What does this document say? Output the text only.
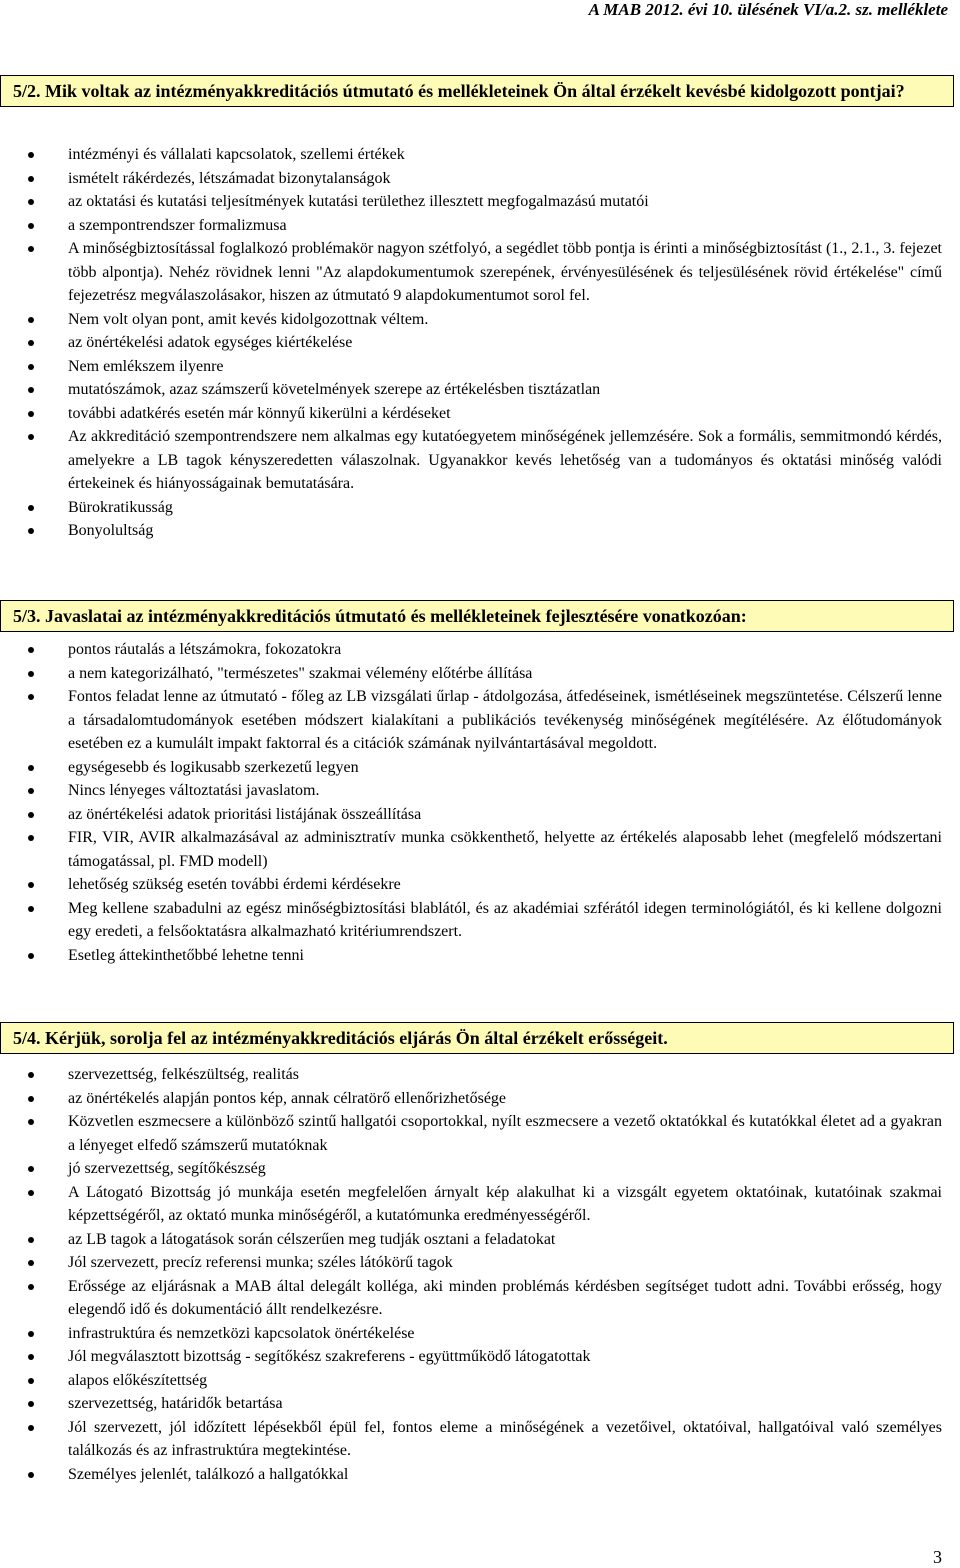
A MAB 2012. évi 10. ülésének VI/a.2. sz. melléklete
5/2. Mik voltak az intézményakkreditációs útmutató és mellékleteinek Ön által érzékelt kevésbé kidolgozott pontjai?
intézményi és vállalati kapcsolatok, szellemi értékek
ismételt rákérdezés, létszámadat bizonytalanságok
az oktatási és kutatási teljesítmények kutatási területhez illesztett megfogalmazású mutatói
a szempontrendszer formalizmusa
A minőségbiztosítással foglalkozó problémakör nagyon szétfolyó, a segédlet több pontja is érinti a minőségbiztosítást (1., 2.1., 3. fejezet több alpontja). Nehéz rövidnek lenni "Az alapdokumentumok szerepének, érvényesülésének és teljesülésének rövid értékelése" című fejezetrész megválaszolásakor, hiszen az útmutató 9 alapdokumentumot sorol fel.
Nem volt olyan pont, amit kevés kidolgozottnak véltem.
az önértékelési adatok egységes kiértékelése
Nem emlékszem ilyenre
mutatószámok, azaz számszerű követelmények szerepe az értékelésben tisztázatlan
további adatkérés esetén már könnyű kikerülni a kérdéseket
Az akkreditáció szempontrendszere nem alkalmas egy kutatóegyetem minőségének jellemzésére. Sok a formális, semmitmondó kérdés, amelyekre a LB tagok kényszeredetten válaszolnak. Ugyanakkor kevés lehetőség van a tudományos és oktatási minőség valódi értekeinek és hiányosságainak bemutatására.
Bürokratikusság
Bonyolultság
5/3. Javaslatai az intézményakkreditációs útmutató és mellékleteinek fejlesztésére vonatkozóan:
pontos ráutalás a létszámokra, fokozatokra
a nem kategorizálható, "természetes" szakmai vélemény előtérbe állítása
Fontos feladat lenne az útmutató - főleg az LB vizsgálati űrlap - átdolgozása, átfedéseinek, ismétléseinek megszüntetése. Célszerű lenne a társadalomtudományok esetében módszert kialakítani a publikációs tevékenység minőségének megítélésére. Az élőtudományok esetében ez a kumulált impakt faktorral és a citációk számának nyilvántartásával megoldott.
egységesebb és logikusabb szerkezetű legyen
Nincs lényeges változtatási javaslatom.
az önértékelési adatok prioritási listájának összeállítása
FIR, VIR, AVIR alkalmazásával az adminisztratív munka csökkenthető, helyette az értékelés alaposabb lehet (megfelelő módszertani támogatással, pl. FMD modell)
lehetőség szükség esetén további érdemi kérdésekre
Meg kellene szabadulni az egész minőségbiztosítási blablától, és az akadémiai szférától idegen terminológiától, és ki kellene dolgozni egy eredeti, a felsőoktatásra alkalmazható kritériumrendszert.
Esetleg áttekinthetőbbé lehetne tenni
5/4. Kérjük, sorolja fel az intézményakkreditációs eljárás Ön által érzékelt erősségeit.
szervezettség, felkészültség, realitás
az önértékelés alapján pontos kép, annak célratörő ellenőrizhetősége
Közvetlen eszmecsere a különböző szintű hallgatói csoportokkal, nyílt eszmecsere a vezető oktatókkal és kutatókkal életet ad a gyakran a lényeget elfedő számszerű mutatóknak
jó szervezettség, segítőkészség
A Látogató Bizottság jó munkája esetén megfelelően árnyalt kép alakulhat ki a vizsgált egyetem oktatóinak, kutatóinak szakmai képzettségéről, az oktató munka minőségéről, a kutatómunka eredményességéről.
az LB tagok a látogatások során célszerűen meg tudják osztani a feladatokat
Jól szervezett, precíz referensi munka; széles látókörű tagok
Erőssége az eljárásnak a MAB által delegált kolléga, aki minden problémás kérdésben segítséget tudott adni. További erősség, hogy elegendő idő és dokumentáció állt rendelkezésre.
infrastruktúra és nemzetközi kapcsolatok önértékelése
Jól megválasztott bizottság - segítőkész szakreferens - együttműködő látogatottak
alapos előkészítettség
szervezettség, határidők betartása
Jól szervezett, jól időzített lépésekből épül fel, fontos eleme a minőségének a vezetőivel, oktatóival, hallgatóival való személyes találkozás és az infrastruktúra megtekintése.
Személyes jelenlét, találkozó a hallgatókkal
3
